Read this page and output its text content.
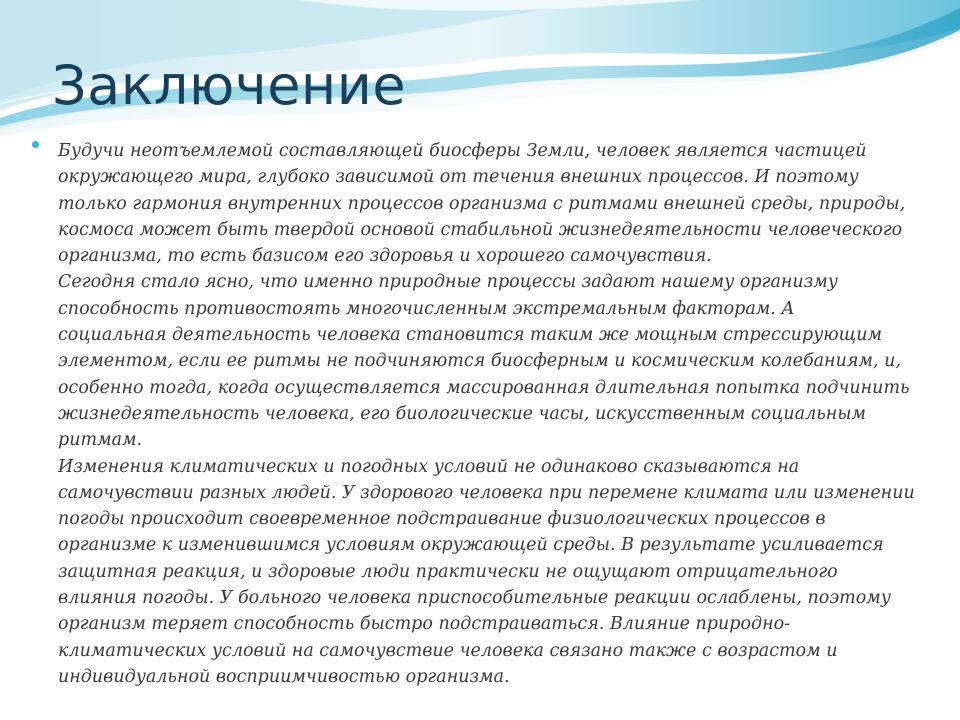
Заключение

Будучи неотъемлемой составляющей биосферы Земли, человек является частицей
окружающего мира, глубоко зависимой от течения внешних процессов. И поэтому
только гармония внутренних процессов организма с ритмами внешней среды, природы,
космоса может быть твердой основой стабильной жизнедеятельности человеческого
организма, то есть базисом его здоровья и хорошего самочувствия.
Сегодня стало ясно, что именно природные процессы задают нашему организму
способность противостоять многочисленным экстремальным факторам. А
социальная деятельность человека становится таким же мощным стрессирующим
элементом, если ее ритмы не подчиняются биосферным и космическим колебаниям, и,
особенно тогда, когда осуществляется массированная длительная попытка подчинить
жизнедеятельность человека, его биологические часы, искусственным социальным
ритмам.
Изменения климатических и погодных условий не одинаково сказываются на
самочувствии разных людей. У здорового человека при перемене климата или изменении
погоды происходит своевременное подстраивание физиологических процессов в
организме к изменившимся условиям окружающей среды. В результате усиливается
защитная реакция, и здоровые люди практически не ощущают отрицательного
влияния погоды. У больного человека приспособительные реакции ослаблены, поэтому
организм теряет способность быстро подстраиваться. Влияние природно-
климатических условий на самочувствие человека связано также с возрастом и
индивидуальной восприимчивостью организма.
